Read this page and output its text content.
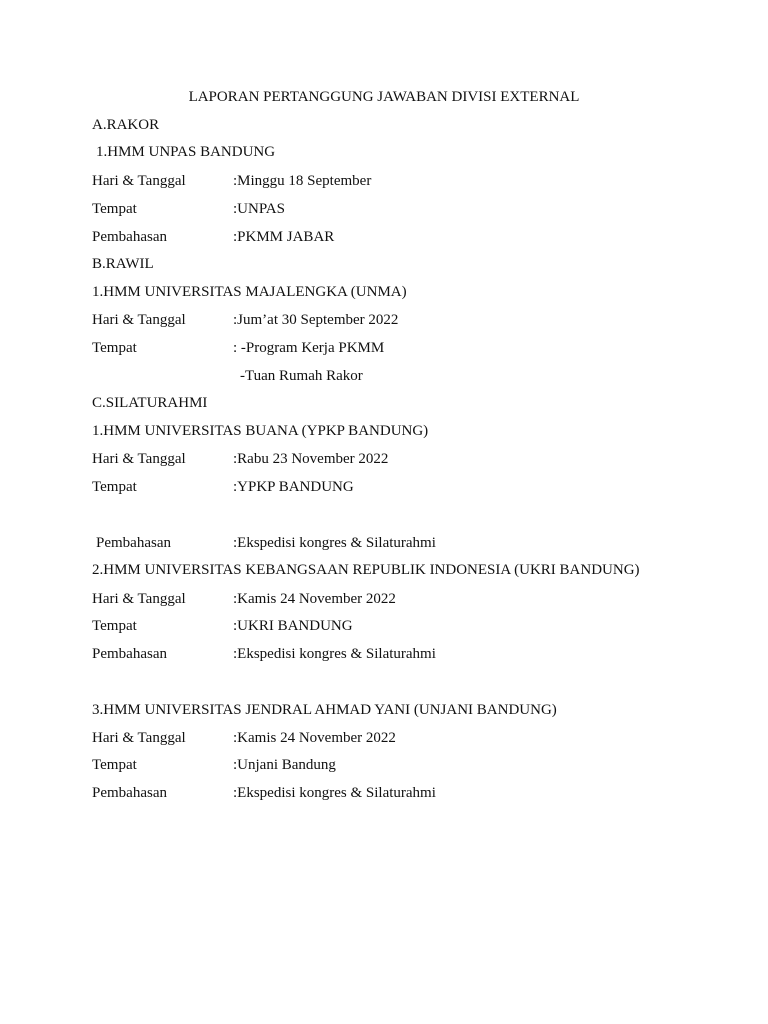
LAPORAN PERTANGGUNG JAWABAN DIVISI EXTERNAL
A.RAKOR
1.HMM UNPAS BANDUNG
Hari & Tanggal	:Minggu 18 September
Tempat	:UNPAS
Pembahasan	:PKMM JABAR
B.RAWIL
1.HMM UNIVERSITAS MAJALENGKA (UNMA)
Hari & Tanggal	:Jum’at 30 September 2022
Tempat	: -Program Kerja PKMM
-Tuan Rumah Rakor
C.SILATURAHMI
1.HMM UNIVERSITAS BUANA (YPKP BANDUNG)
Hari & Tanggal	:Rabu 23 November 2022
Tempat	:YPKP BANDUNG
Pembahasan	:Ekspedisi kongres & Silaturahmi
2.HMM UNIVERSITAS KEBANGSAAN REPUBLIK INDONESIA (UKRI BANDUNG)
Hari & Tanggal	:Kamis 24 November 2022
Tempat	:UKRI BANDUNG
Pembahasan	:Ekspedisi kongres & Silaturahmi
3.HMM UNIVERSITAS JENDRAL AHMAD YANI (UNJANI BANDUNG)
Hari & Tanggal	:Kamis 24 November 2022
Tempat	:Unjani Bandung
Pembahasan	:Ekspedisi kongres & Silaturahmi
